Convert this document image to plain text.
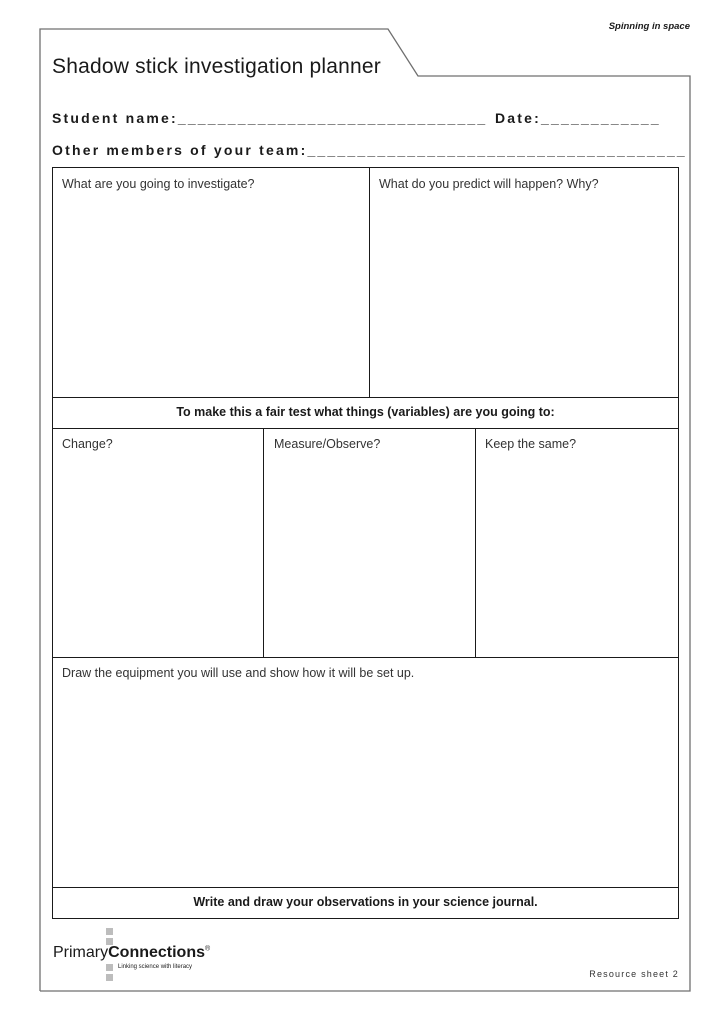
Spinning in space
Shadow stick investigation planner
Student name:_______________________________ Date:____________
Other members of your team:______________________________________
What are you going to investigate?	What do you predict will happen? Why?
To make this a fair test what things (variables) are you going to:
Change?	Measure/Observe?	Keep the same?
Draw the equipment you will use and show how it will be set up.
Write and draw your observations in your science journal.
PrimaryConnections®
Linking science with literacy
Resource sheet 2
